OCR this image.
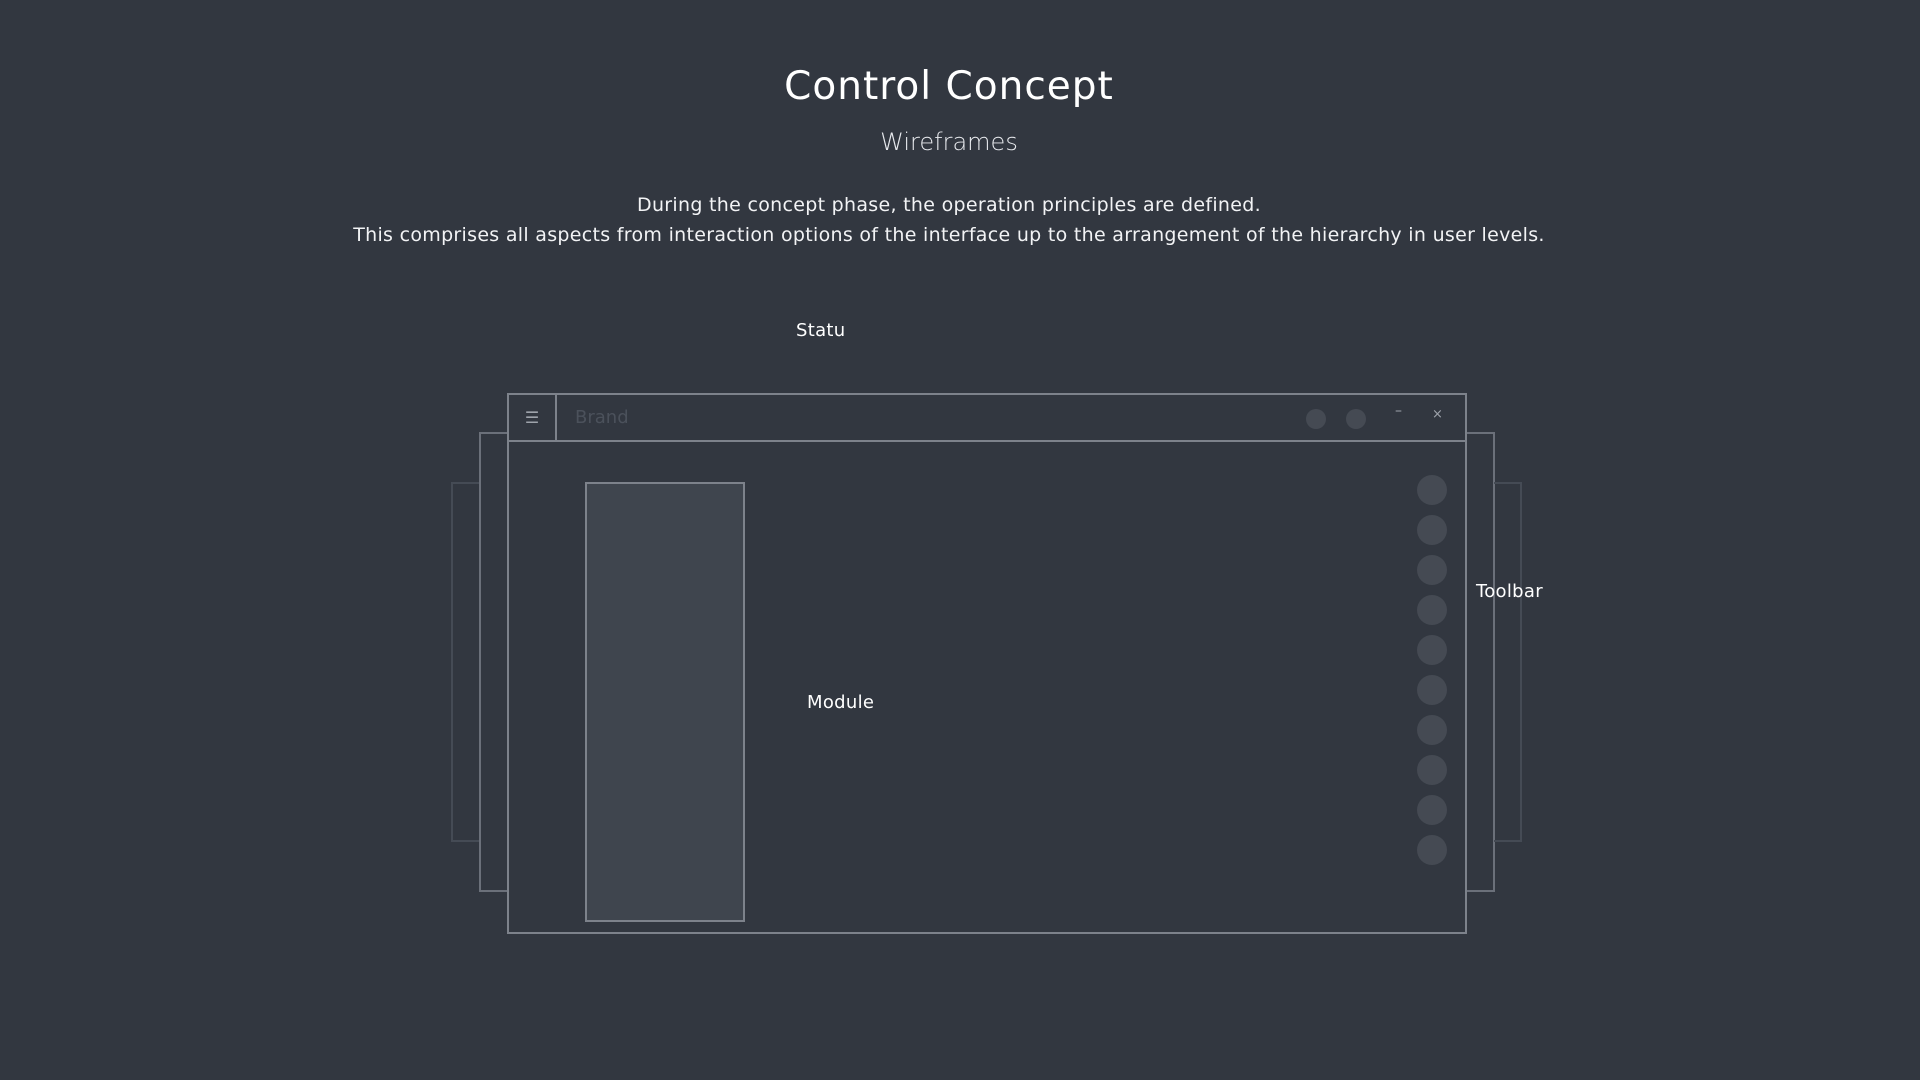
Control Concept
Wireframes
During the concept phase, the operation principles are defined.
This comprises all aspects from interaction options of the interface up to the arrangement of the hierarchy in user levels.
Statu
☰ Brand	– ×
Module
Toolbar
